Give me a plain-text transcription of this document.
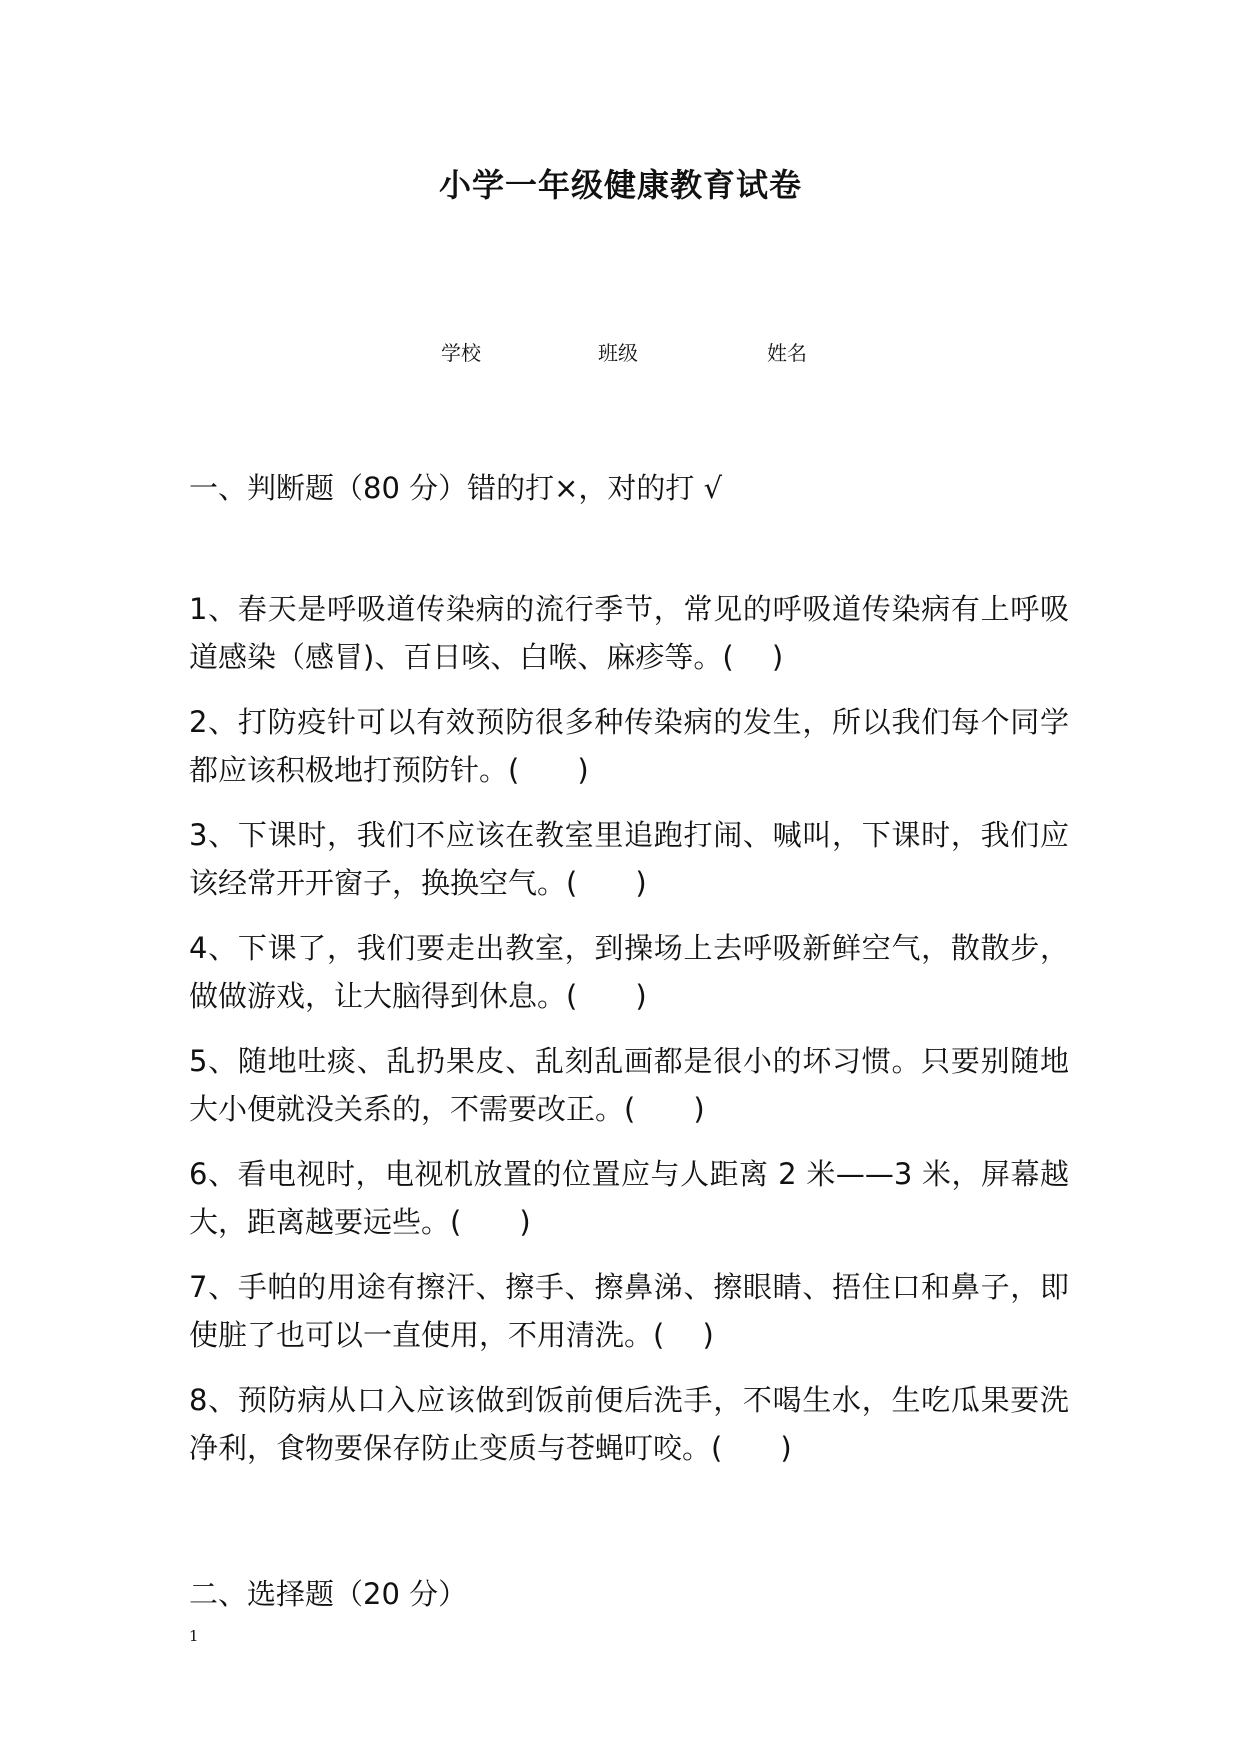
小学一年级健康教育试卷
学校	班级	姓名
一、判断题（80 分）错的打×，对的打 √
1、春天是呼吸道传染病的流行季节，常见的呼吸道传染病有上呼吸道感染（感冒)、百日咳、白喉、麻疹等。(　 )
2、打防疫针可以有效预防很多种传染病的发生，所以我们每个同学都应该积极地打预防针。(　　)
3、下课时，我们不应该在教室里追跑打闹、喊叫，下课时，我们应该经常开开窗子，换换空气。(　　)
4、下课了，我们要走出教室，到操场上去呼吸新鲜空气，散散步，做做游戏，让大脑得到休息。(　　)
5、随地吐痰、乱扔果皮、乱刻乱画都是很小的坏习惯。只要别随地大小便就没关系的，不需要改正。(　　)
6、看电视时，电视机放置的位置应与人距离 2 米——3 米，屏幕越大，距离越要远些。(　　)
7、手帕的用途有擦汗、擦手、擦鼻涕、擦眼睛、捂住口和鼻子，即使脏了也可以一直使用，不用清洗。(　 )
8、预防病从口入应该做到饭前便后洗手，不喝生水，生吃瓜果要洗净利，食物要保存防止变质与苍蝇叮咬。(　　)
二、选择题（20 分）
1
